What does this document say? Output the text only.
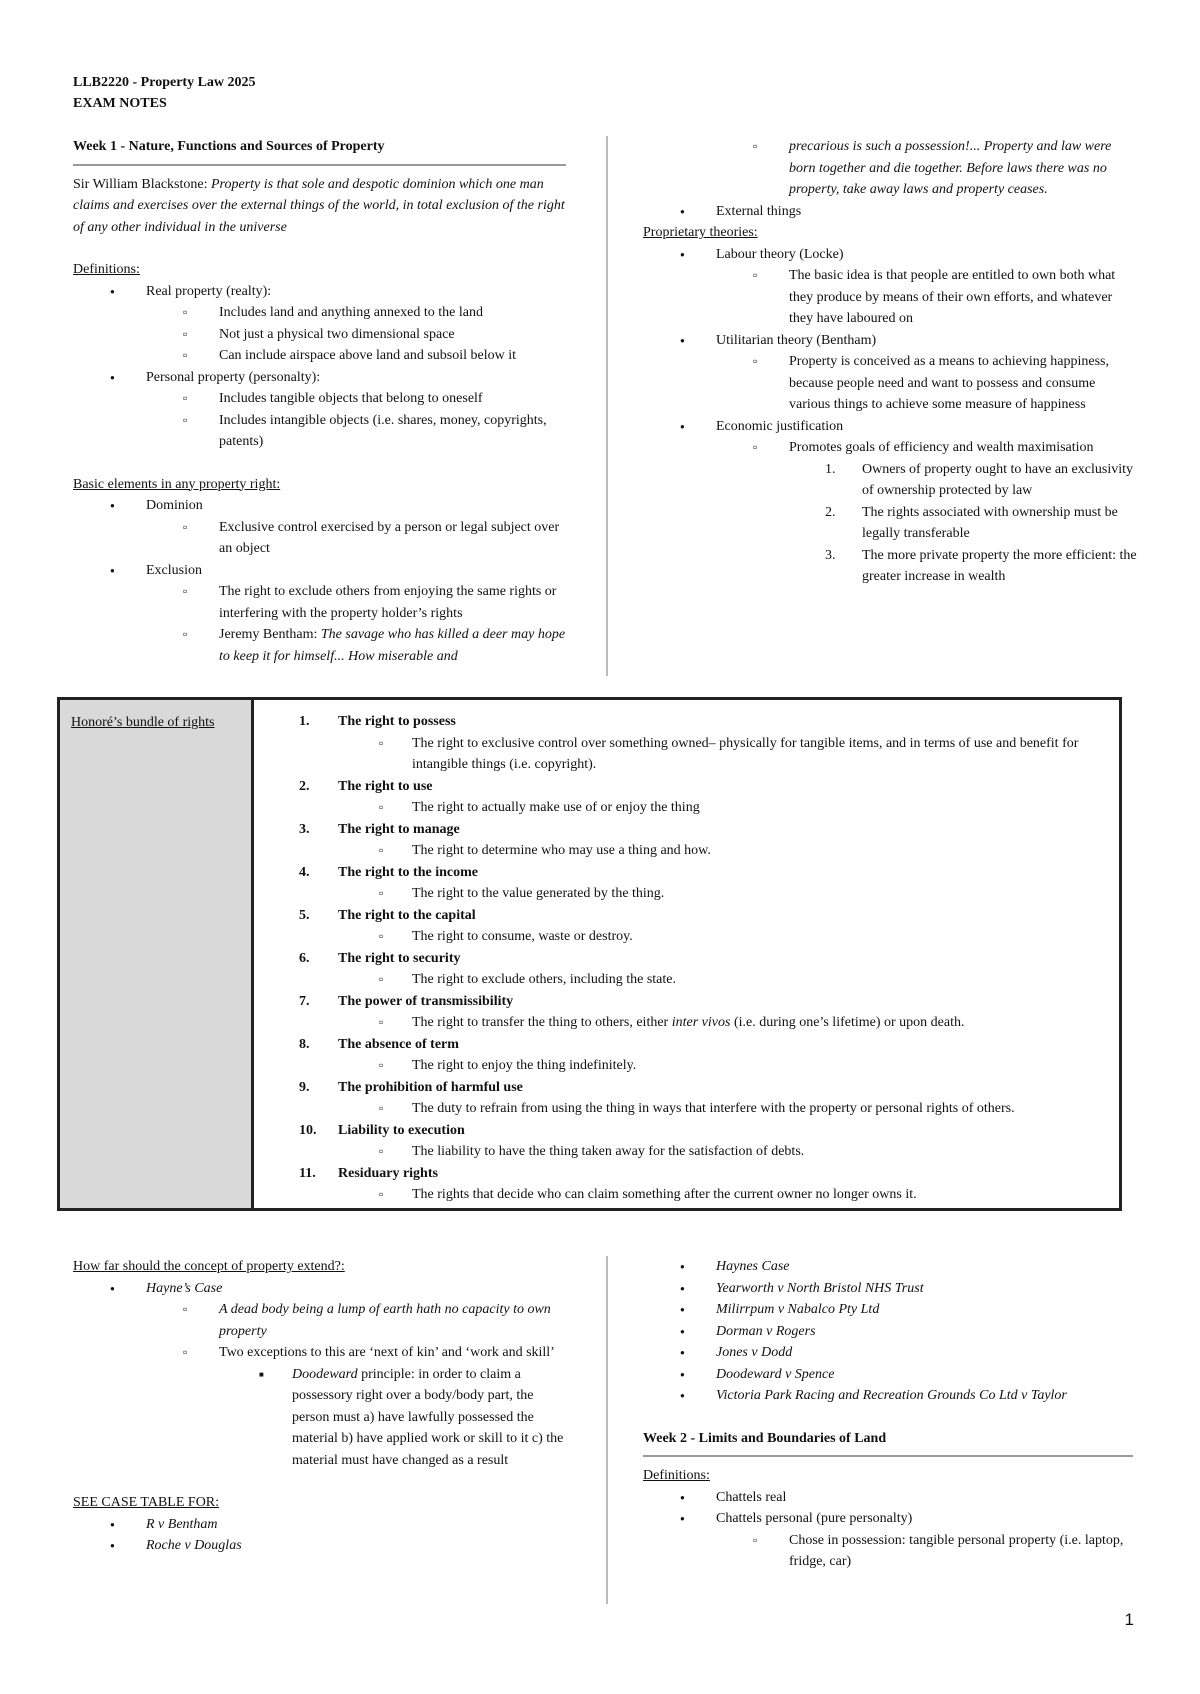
LLB2220 - Property Law 2025
EXAM NOTES
Week 1 - Nature, Functions and Sources of Property
Sir William Blackstone: Property is that sole and despotic dominion which one man claims and exercises over the external things of the world, in total exclusion of the right of any other individual in the universe
Definitions:
● Real property (realty):
▫ Includes land and anything annexed to the land
▫ Not just a physical two dimensional space
▫ Can include airspace above land and subsoil below it
● Personal property (personalty):
▫ Includes tangible objects that belong to oneself
▫ Includes intangible objects (i.e. shares, money, copyrights, patents)
Basic elements in any property right:
● Dominion
▫ Exclusive control exercised by a person or legal subject over an object
● Exclusion
▫ The right to exclude others from enjoying the same rights or interfering with the property holder’s rights
▫ Jeremy Bentham: The savage who has killed a deer may hope to keep it for himself... How miserable and
▫ precarious is such a possession!... Property and law were born together and die together. Before laws there was no property, take away laws and property ceases.
● External things
Proprietary theories:
● Labour theory (Locke)
▫ The basic idea is that people are entitled to own both what they produce by means of their own efforts, and whatever they have laboured on
● Utilitarian theory (Bentham)
▫ Property is conceived as a means to achieving happiness, because people need and want to possess and consume various things to achieve some measure of happiness
● Economic justification
▫ Promotes goals of efficiency and wealth maximisation
1. Owners of property ought to have an exclusivity of ownership protected by law
2. The rights associated with ownership must be legally transferable
3. The more private property the more efficient: the greater increase in wealth
Honoré’s bundle of rights	1. The right to possess
▫ The right to exclusive control over something owned– physically for tangible items, and in terms of use and benefit for intangible things (i.e. copyright).
2. The right to use
▫ The right to actually make use of or enjoy the thing
3. The right to manage
▫ The right to determine who may use a thing and how.
4. The right to the income
▫ The right to the value generated by the thing.
5. The right to the capital
▫ The right to consume, waste or destroy.
6. The right to security
▫ The right to exclude others, including the state.
7. The power of transmissibility
▫ The right to transfer the thing to others, either inter vivos (i.e. during one’s lifetime) or upon death.
8. The absence of term
▫ The right to enjoy the thing indefinitely.
9. The prohibition of harmful use
▫ The duty to refrain from using the thing in ways that interfere with the property or personal rights of others.
10. Liability to execution
▫ The liability to have the thing taken away for the satisfaction of debts.
11. Residuary rights
▫ The rights that decide who can claim something after the current owner no longer owns it.
How far should the concept of property extend?:
● Hayne’s Case
▫ A dead body being a lump of earth hath no capacity to own property
▫ Two exceptions to this are ‘next of kin’ and ‘work and skill’
■ Doodeward principle: in order to claim a possessory right over a body/body part, the person must a) have lawfully possessed the material b) have applied work or skill to it c) the material must have changed as a result
SEE CASE TABLE FOR:
● R v Bentham
● Roche v Douglas
● Haynes Case
● Yearworth v North Bristol NHS Trust
● Milirrpum v Nabalco Pty Ltd
● Dorman v Rogers
● Jones v Dodd
● Doodeward v Spence
● Victoria Park Racing and Recreation Grounds Co Ltd v Taylor
Week 2 - Limits and Boundaries of Land
Definitions:
● Chattels real
● Chattels personal (pure personalty)
▫ Chose in possession: tangible personal property (i.e. laptop, fridge, car)
1
